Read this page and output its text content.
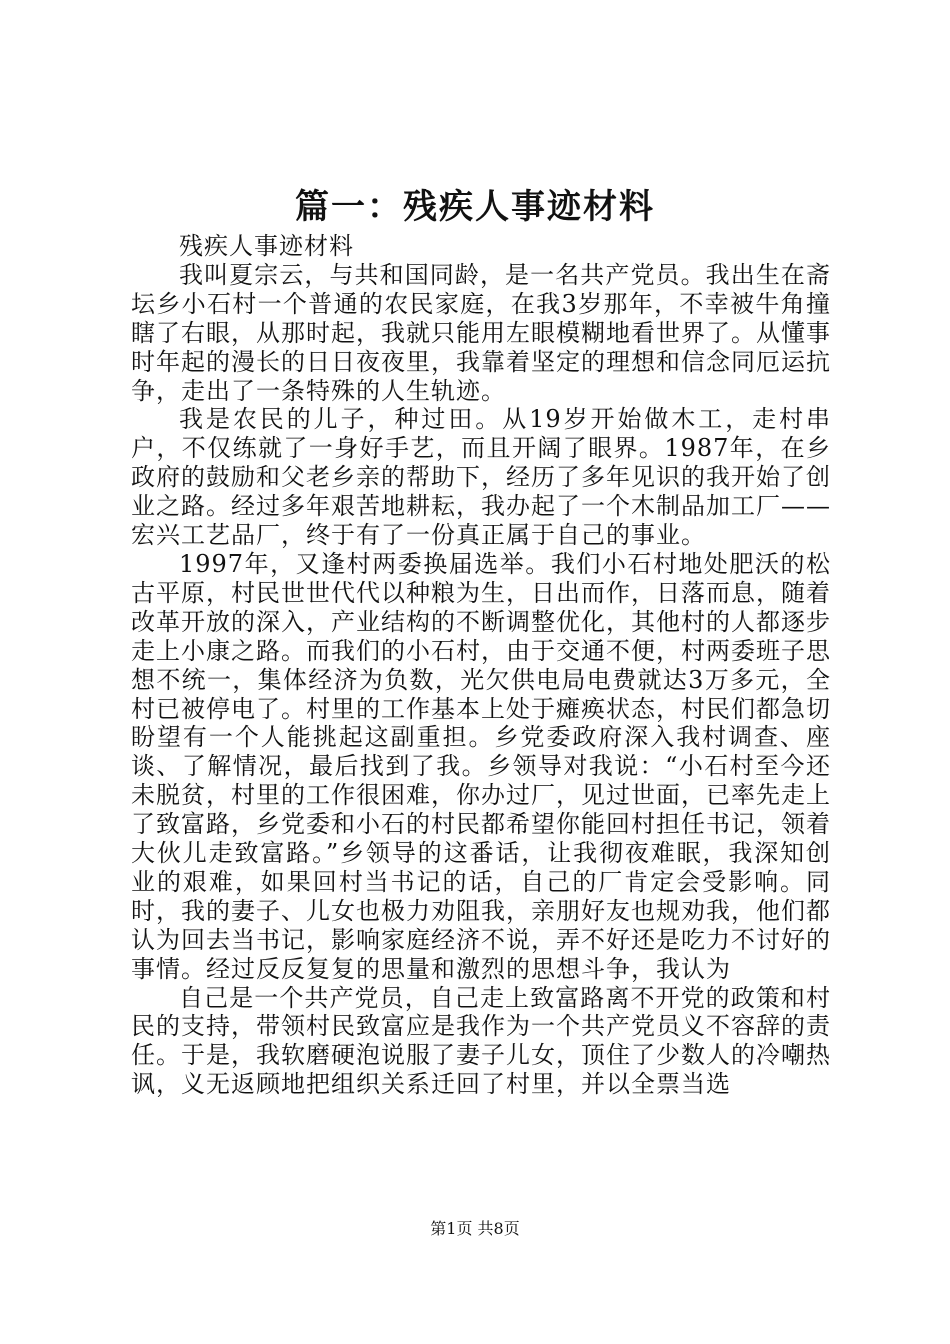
篇一：残疾人事迹材料

残疾人事迹材料

我叫夏宗云，与共和国同龄，是一名共产党员。我出生在斋坛乡小石村一个普通的农民家庭，在我3岁那年，不幸被牛角撞瞎了右眼，从那时起，我就只能用左眼模糊地看世界了。从懂事时年起的漫长的日日夜夜里，我靠着坚定的理想和信念同厄运抗争，走出了一条特殊的人生轨迹。

我是农民的儿子，种过田。从19岁开始做木工，走村串户，不仅练就了一身好手艺，而且开阔了眼界。1987年，在乡政府的鼓励和父老乡亲的帮助下，经历了多年见识的我开始了创业之路。经过多年艰苦地耕耘，我办起了一个木制品加工厂——宏兴工艺品厂，终于有了一份真正属于自己的事业。

1997年，又逢村两委换届选举。我们小石村地处肥沃的松古平原，村民世世代代以种粮为生，日出而作，日落而息，随着改革开放的深入，产业结构的不断调整优化，其他村的人都逐步走上小康之路。而我们的小石村，由于交通不便，村两委班子思想不统一，集体经济为负数，光欠供电局电费就达3万多元，全村已被停电了。村里的工作基本上处于瘫痪状态，村民们都急切盼望有一个人能挑起这副重担。乡党委政府深入我村调查、座谈、了解情况，最后找到了我。乡领导对我说：“小石村至今还未脱贫，村里的工作很困难，你办过厂，见过世面，已率先走上了致富路，乡党委和小石的村民都希望你能回村担任书记，领着大伙儿走致富路。”乡领导的这番话，让我彻夜难眠，我深知创业的艰难，如果回村当书记的话，自己的厂肯定会受影响。同时，我的妻子、儿女也极力劝阻我，亲朋好友也规劝我，他们都认为回去当书记，影响家庭经济不说，弄不好还是吃力不讨好的事情。经过反反复复的思量和激烈的思想斗争，我认为

自己是一个共产党员，自己走上致富路离不开党的政策和村民的支持，带领村民致富应是我作为一个共产党员义不容辞的责任。于是，我软磨硬泡说服了妻子儿女，顶住了少数人的冷嘲热讽，义无返顾地把组织关系迁回了村里，并以全票当选

第1页 共8页
